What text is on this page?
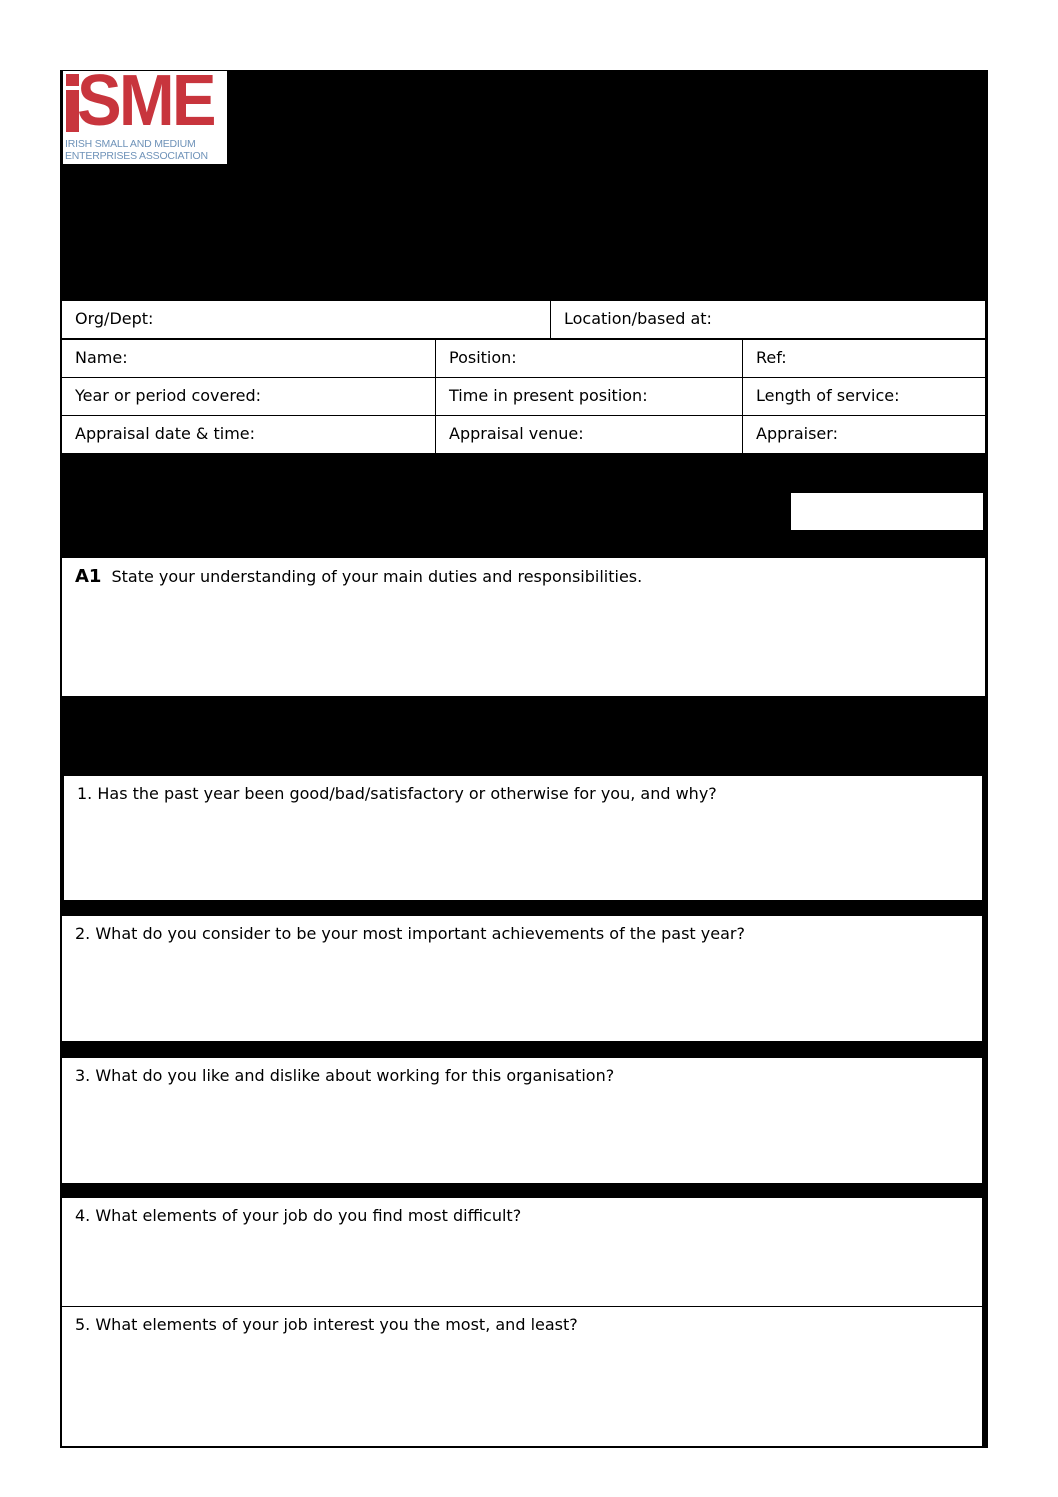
SME
IRISH SMALL AND MEDIUM
ENTERPRISES ASSOCIATION
Org/Dept:	Location/based at:
Name:	Position:	Ref:
Year or period covered:	Time in present position:	Length of service:
Appraisal date & time:	Appraisal venue:	Appraiser:
A1 State your understanding of your main duties and responsibilities.
1. Has the past year been good/bad/satisfactory or otherwise for you, and why?
2. What do you consider to be your most important achievements of the past year?
3. What do you like and dislike about working for this organisation?
4. What elements of your job do you find most difficult?
5. What elements of your job interest you the most, and least?
